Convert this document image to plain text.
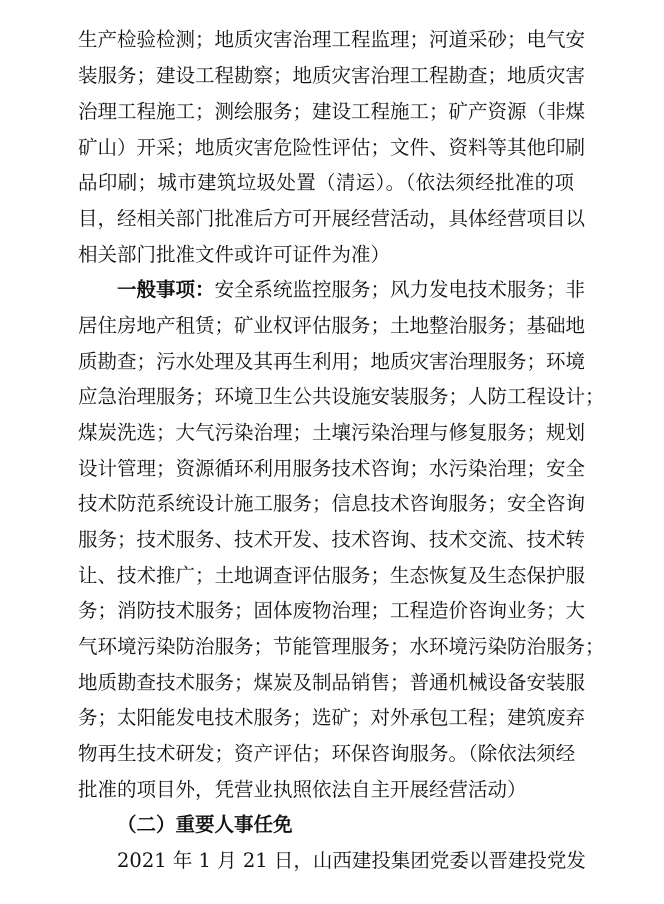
生产检验检测；地质灾害治理工程监理；河道采砂；电气安
装服务；建设工程勘察；地质灾害治理工程勘查；地质灾害
治理工程施工；测绘服务；建设工程施工；矿产资源（非煤
矿山）开采；地质灾害危险性评估；文件、资料等其他印刷
品印刷；城市建筑垃圾处置（清运）。（依法须经批准的项
目，经相关部门批准后方可开展经营活动，具体经营项目以
相关部门批准文件或许可证件为准）
一般事项：安全系统监控服务；风力发电技术服务；非
居住房地产租赁；矿业权评估服务；土地整治服务；基础地
质勘查；污水处理及其再生利用；地质灾害治理服务；环境
应急治理服务；环境卫生公共设施安装服务；人防工程设计；
煤炭洗选；大气污染治理；土壤污染治理与修复服务；规划
设计管理；资源循环利用服务技术咨询；水污染治理；安全
技术防范系统设计施工服务；信息技术咨询服务；安全咨询
服务；技术服务、技术开发、技术咨询、技术交流、技术转
让、技术推广；土地调查评估服务；生态恢复及生态保护服
务；消防技术服务；固体废物治理；工程造价咨询业务；大
气环境污染防治服务；节能管理服务；水环境污染防治服务；
地质勘查技术服务；煤炭及制品销售；普通机械设备安装服
务；太阳能发电技术服务；选矿；对外承包工程；建筑废弃
物再生技术研发；资产评估；环保咨询服务。（除依法须经
批准的项目外，凭营业执照依法自主开展经营活动）
（二）重要人事任免
2021 年 1 月 21 日，山西建投集团党委以晋建投党发
